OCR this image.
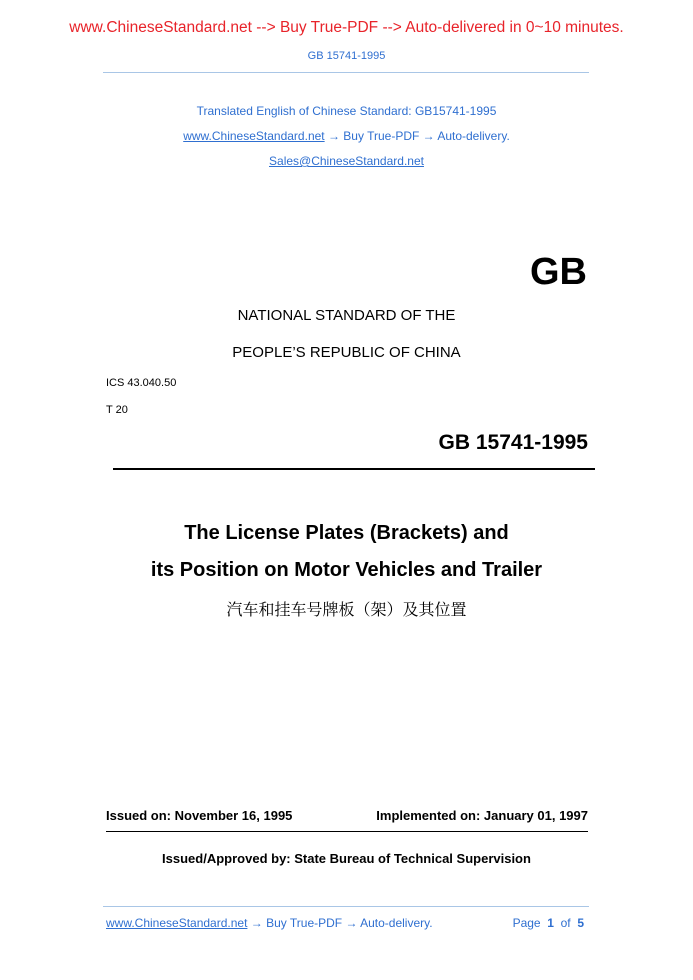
www.ChineseStandard.net --> Buy True-PDF --> Auto-delivered in 0~10 minutes.
GB 15741-1995
Translated English of Chinese Standard: GB15741-1995
www.ChineseStandard.net → Buy True-PDF → Auto-delivery.
Sales@ChineseStandard.net
GB
NATIONAL STANDARD OF THE
PEOPLE’S REPUBLIC OF CHINA
ICS 43.040.50
T 20
GB 15741-1995
The License Plates (Brackets) and
its Position on Motor Vehicles and Trailer
汽车和挂车号牌板（架）及其位置
Issued on: November 16, 1995	Implemented on: January 01, 1997
Issued/Approved by: State Bureau of Technical Supervision
www.ChineseStandard.net → Buy True-PDF → Auto-delivery.	Page 1 of 5
